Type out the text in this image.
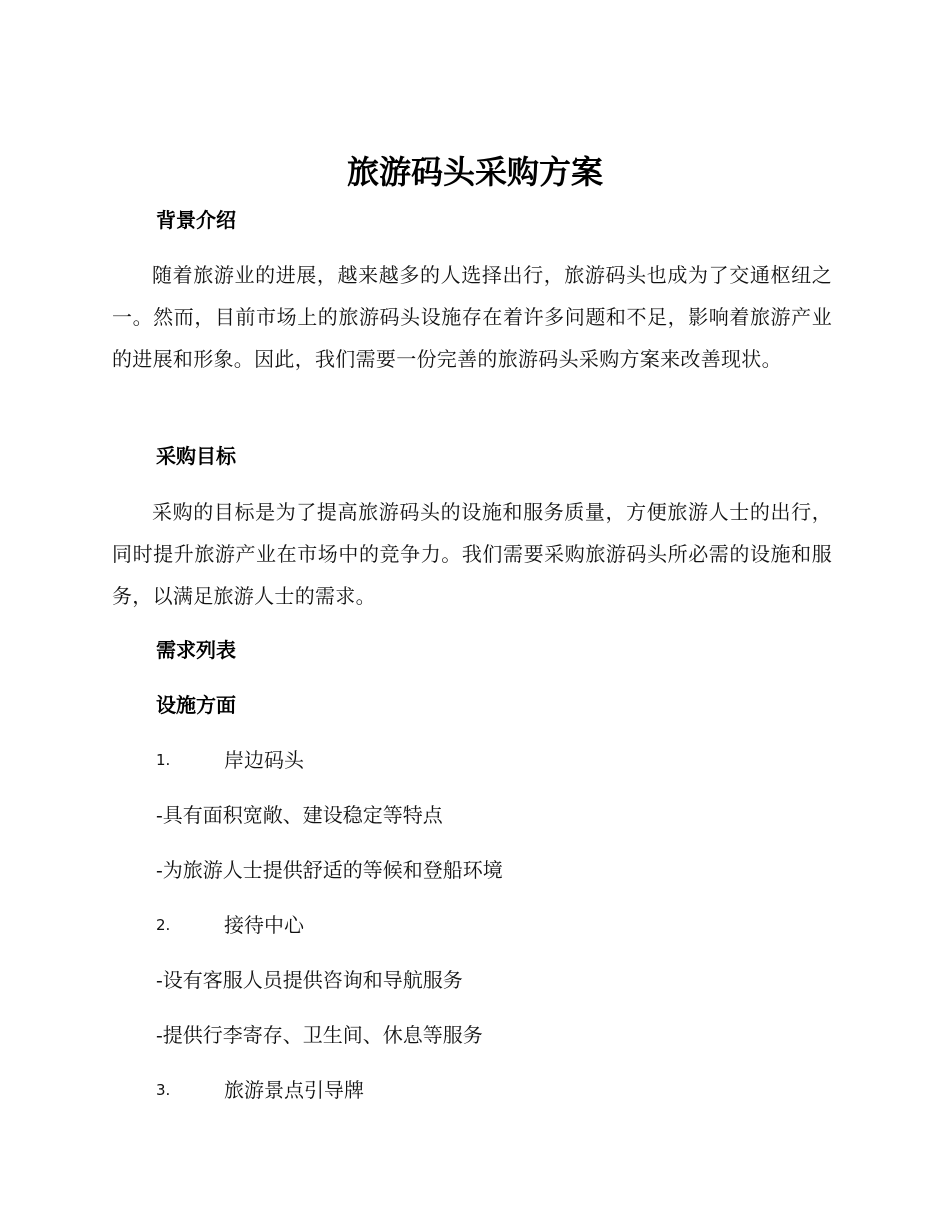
旅游码头采购方案
背景介绍

随着旅游业的进展，越来越多的人选择出行，旅游码头也成为了交通枢纽之一。然而，目前市场上的旅游码头设施存在着许多问题和不足，影响着旅游产业的进展和形象。因此，我们需要一份完善的旅游码头采购方案来改善现状。

采购目标

采购的目标是为了提高旅游码头的设施和服务质量，方便旅游人士的出行，同时提升旅游产业在市场中的竞争力。我们需要采购旅游码头所必需的设施和服务，以满足旅游人士的需求。

需求列表
设施方面
1.	岸边码头

-具有面积宽敞、建设稳定等特点

-为旅游人士提供舒适的等候和登船环境

2.	接待中心

-设有客服人员提供咨询和导航服务

-提供行李寄存、卫生间、休息等服务

3.	旅游景点引导牌
